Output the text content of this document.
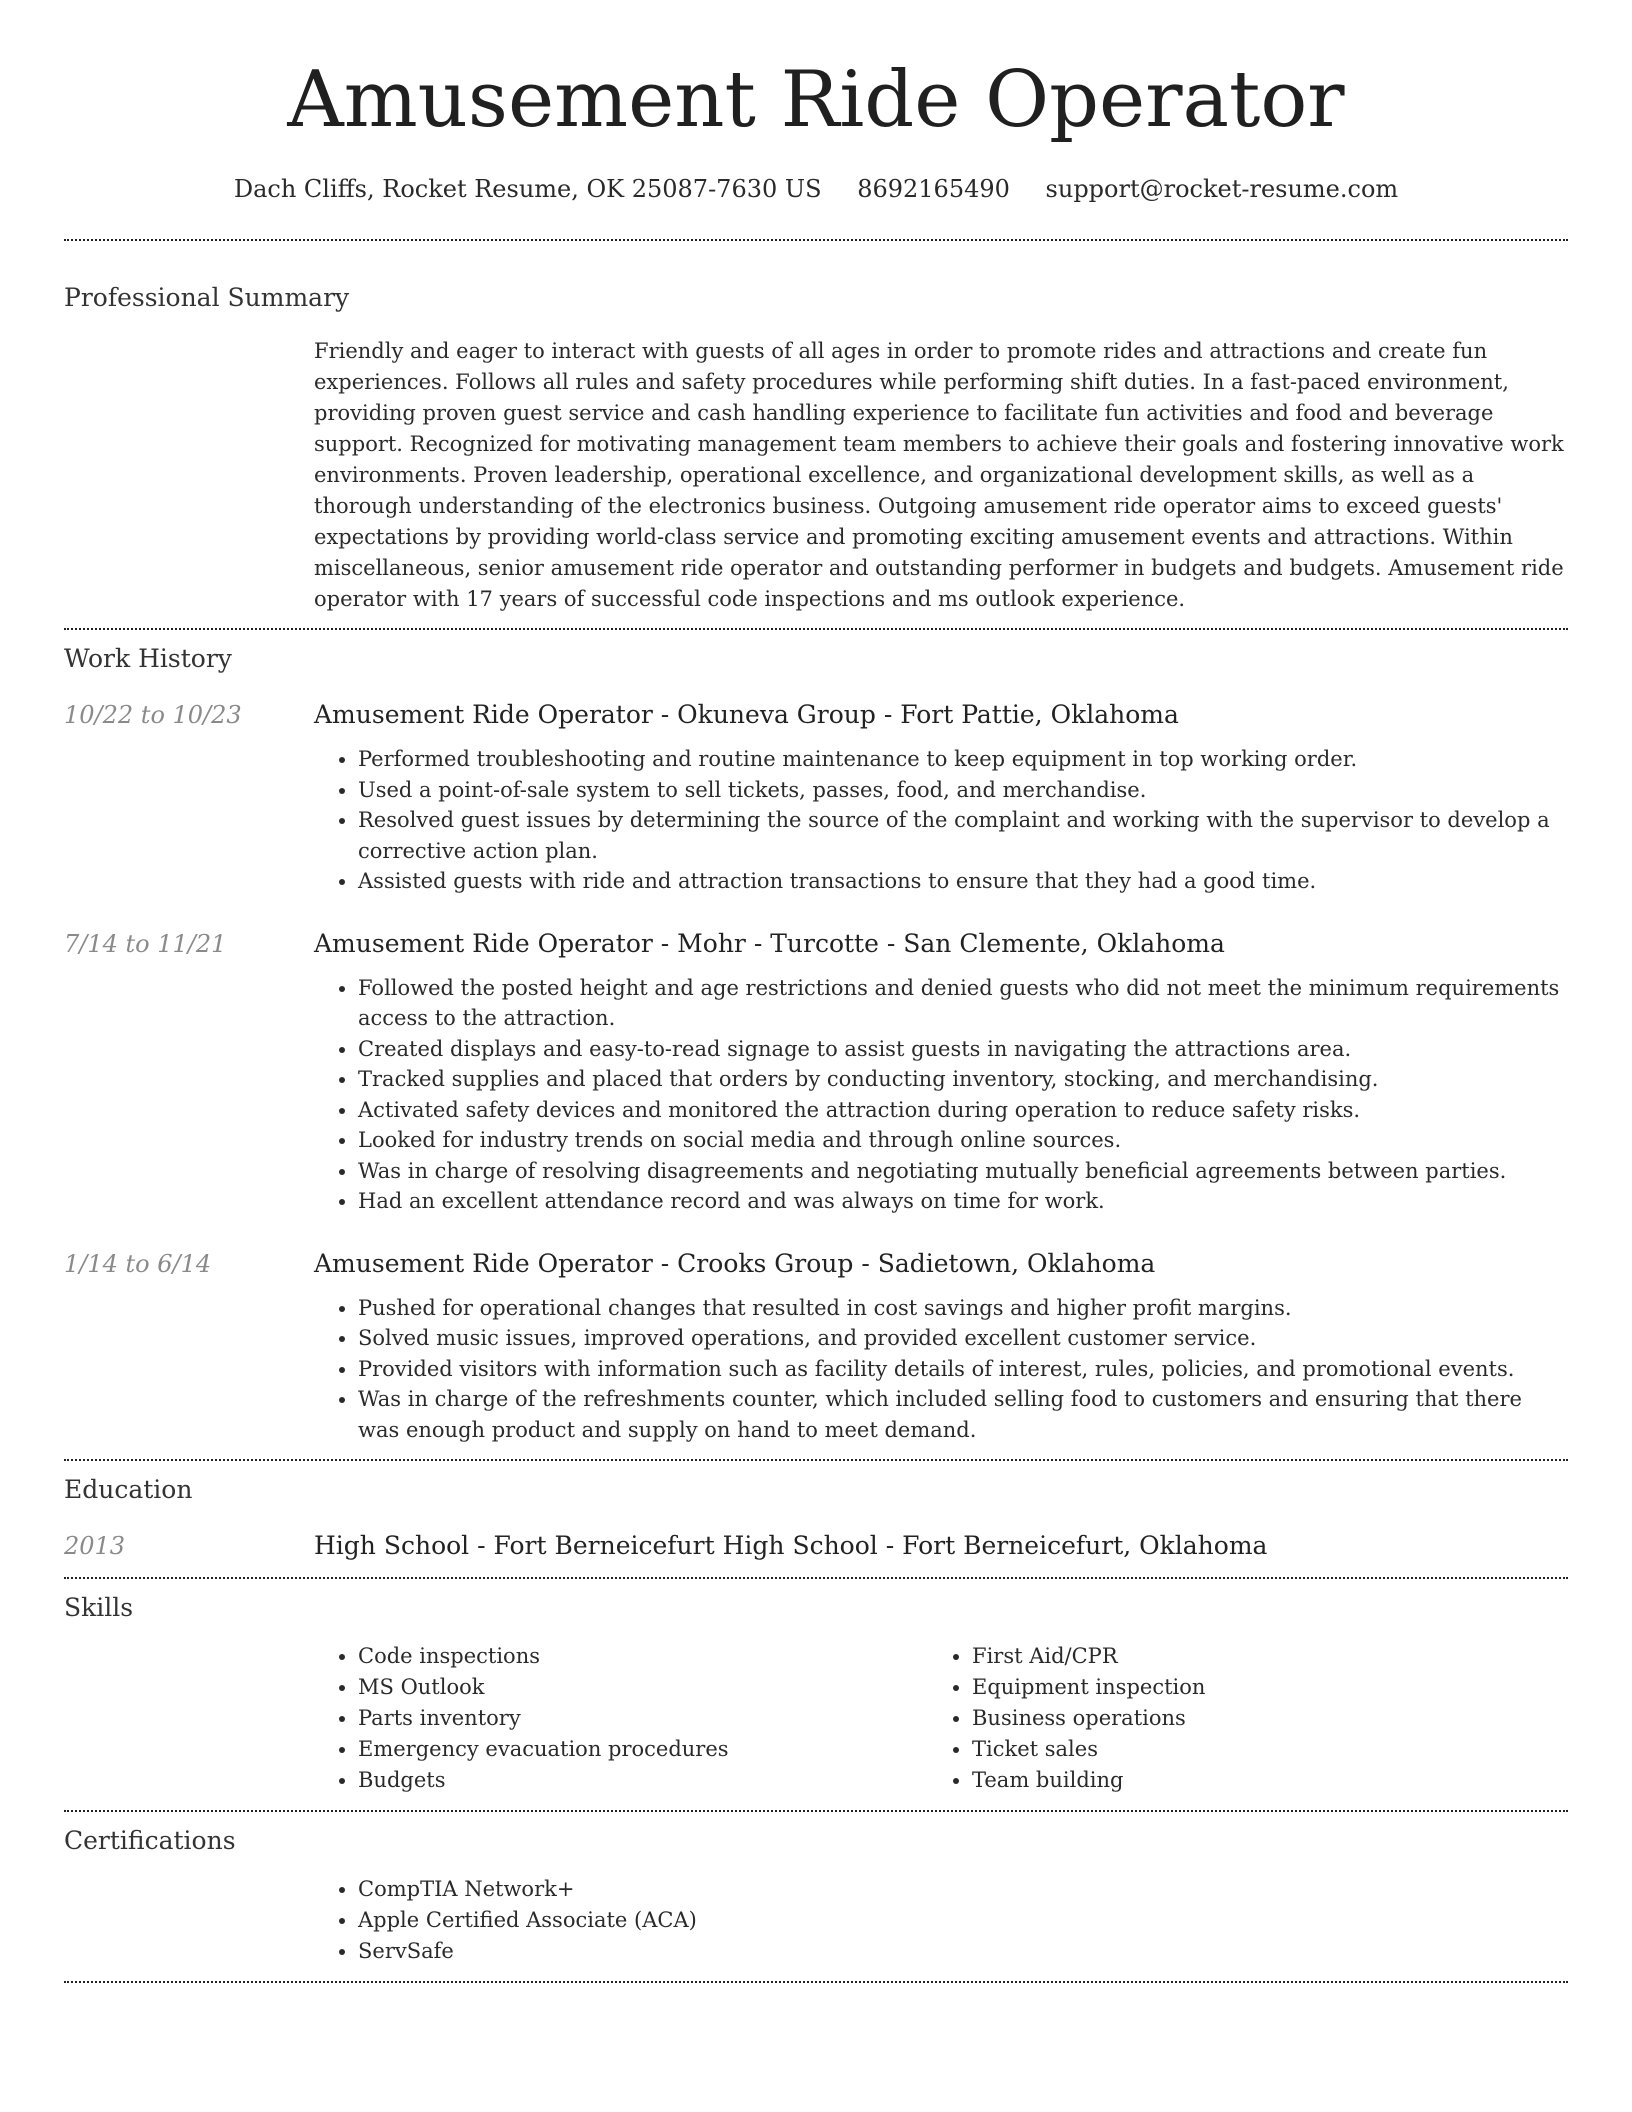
Amusement Ride Operator
Dach Cliffs, Rocket Resume, OK 25087-7630 US 8692165490 support@rocket-resume.com
Professional Summary
Friendly and eager to interact with guests of all ages in order to promote rides and attractions and create fun experiences. Follows all rules and safety procedures while performing shift duties. In a fast-paced environment, providing proven guest service and cash handling experience to facilitate fun activities and food and beverage support. Recognized for motivating management team members to achieve their goals and fostering innovative work environments. Proven leadership, operational excellence, and organizational development skills, as well as a thorough understanding of the electronics business. Outgoing amusement ride operator aims to exceed guests' expectations by providing world-class service and promoting exciting amusement events and attractions. Within miscellaneous, senior amusement ride operator and outstanding performer in budgets and budgets. Amusement ride operator with 17 years of successful code inspections and ms outlook experience.
Work History
10/22 to 10/23	Amusement Ride Operator - Okuneva Group - Fort Pattie, Oklahoma
• Performed troubleshooting and routine maintenance to keep equipment in top working order.
• Used a point-of-sale system to sell tickets, passes, food, and merchandise.
• Resolved guest issues by determining the source of the complaint and working with the supervisor to develop a corrective action plan.
• Assisted guests with ride and attraction transactions to ensure that they had a good time.
7/14 to 11/21	Amusement Ride Operator - Mohr - Turcotte - San Clemente, Oklahoma
• Followed the posted height and age restrictions and denied guests who did not meet the minimum requirements access to the attraction.
• Created displays and easy-to-read signage to assist guests in navigating the attractions area.
• Tracked supplies and placed that orders by conducting inventory, stocking, and merchandising.
• Activated safety devices and monitored the attraction during operation to reduce safety risks.
• Looked for industry trends on social media and through online sources.
• Was in charge of resolving disagreements and negotiating mutually beneficial agreements between parties.
• Had an excellent attendance record and was always on time for work.
1/14 to 6/14	Amusement Ride Operator - Crooks Group - Sadietown, Oklahoma
• Pushed for operational changes that resulted in cost savings and higher profit margins.
• Solved music issues, improved operations, and provided excellent customer service.
• Provided visitors with information such as facility details of interest, rules, policies, and promotional events.
• Was in charge of the refreshments counter, which included selling food to customers and ensuring that there was enough product and supply on hand to meet demand.
Education
2013	High School - Fort Berneicefurt High School - Fort Berneicefurt, Oklahoma
Skills
• Code inspections
• MS Outlook
• Parts inventory
• Emergency evacuation procedures
• Budgets
• First Aid/CPR
• Equipment inspection
• Business operations
• Ticket sales
• Team building
Certifications
• CompTIA Network+
• Apple Certified Associate (ACA)
• ServSafe
